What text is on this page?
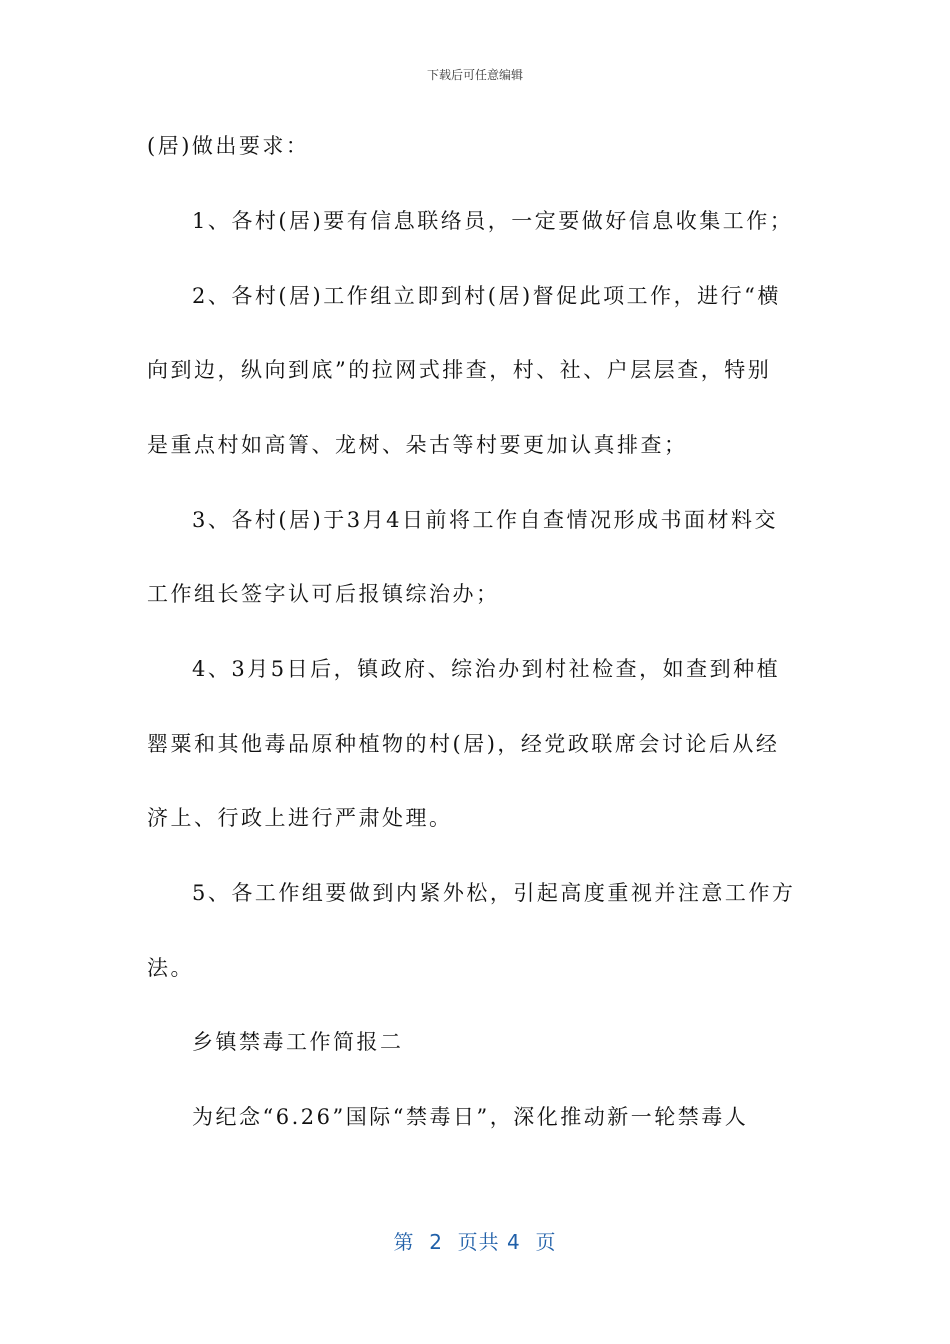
下载后可任意编辑
(居)做出要求：
1、各村(居)要有信息联络员，一定要做好信息收集工作；
2、各村(居)工作组立即到村(居)督促此项工作，进行“横
向到边，纵向到底”的拉网式排查，村、社、户层层查，特别
是重点村如高箐、龙树、朵古等村要更加认真排查；
3、各村(居)于3月4日前将工作自查情况形成书面材料交
工作组长签字认可后报镇综治办；
4、3月5日后，镇政府、综治办到村社检查，如查到种植
罂粟和其他毒品原种植物的村(居)，经党政联席会讨论后从经
济上、行政上进行严肃处理。
5、各工作组要做到内紧外松，引起高度重视并注意工作方
法。
乡镇禁毒工作简报二
为纪念“6.26”国际“禁毒日”，深化推动新一轮禁毒人
第  2  页共 4  页
